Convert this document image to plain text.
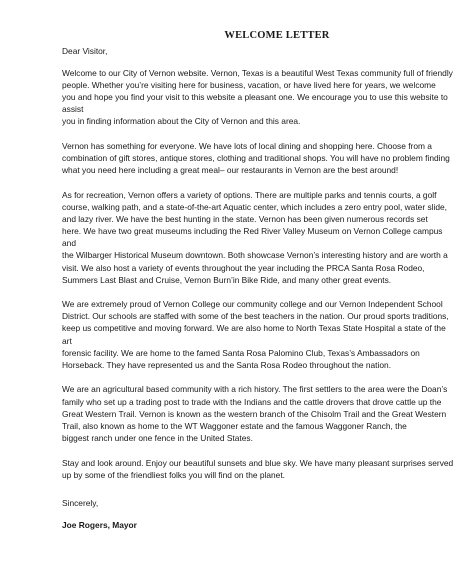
WELCOME LETTER
Dear Visitor,
Welcome to our City of Vernon website. Vernon, Texas is a beautiful West Texas community full of friendly
people. Whether you’re visiting here for business, vacation, or have lived here for years, we welcome
you and hope you find your visit to this website a pleasant one. We encourage you to use this website to assist
you in finding information about the City of Vernon and this area.
Vernon has something for everyone. We have lots of local dining and shopping here. Choose from a
combination of gift stores, antique stores, clothing and traditional shops. You will have no problem finding
what you need here including a great meal– our restaurants in Vernon are the best around!
As for recreation, Vernon offers a variety of options. There are multiple parks and tennis courts, a golf
course, walking path, and a state-of-the-art Aquatic center, which includes a zero entry pool, water slide,
and lazy river. We have the best hunting in the state. Vernon has been given numerous records set
here. We have two great museums including the Red River Valley Museum on Vernon College campus and
the Wilbarger Historical Museum downtown. Both showcase Vernon’s interesting history and are worth a
visit. We also host a variety of events throughout the year including the PRCA Santa Rosa Rodeo,
Summers Last Blast and Cruise, Vernon Burn’in Bike Ride, and many other great events.
We are extremely proud of Vernon College our community college and our Vernon Independent School
District. Our schools are staffed with some of the best teachers in the nation. Our proud sports traditions,
keep us competitive and moving forward. We are also home to North Texas State Hospital a state of the art
forensic facility. We are home to the famed Santa Rosa Palomino Club, Texas’s Ambassadors on
Horseback. They have represented us and the Santa Rosa Rodeo throughout the nation.
We are an agricultural based community with a rich history. The first settlers to the area were the Doan’s
family who set up a trading post to trade with the Indians and the cattle drovers that drove cattle up the
Great Western Trail. Vernon is known as the western branch of the Chisolm Trail and the Great Western
Trail, also known as home to the WT Waggoner estate and the famous Waggoner Ranch, the
biggest ranch under one fence in the United States.
Stay and look around. Enjoy our beautiful sunsets and blue sky. We have many pleasant surprises served
up by some of the friendliest folks you will find on the planet.
Sincerely,
Joe Rogers, Mayor
